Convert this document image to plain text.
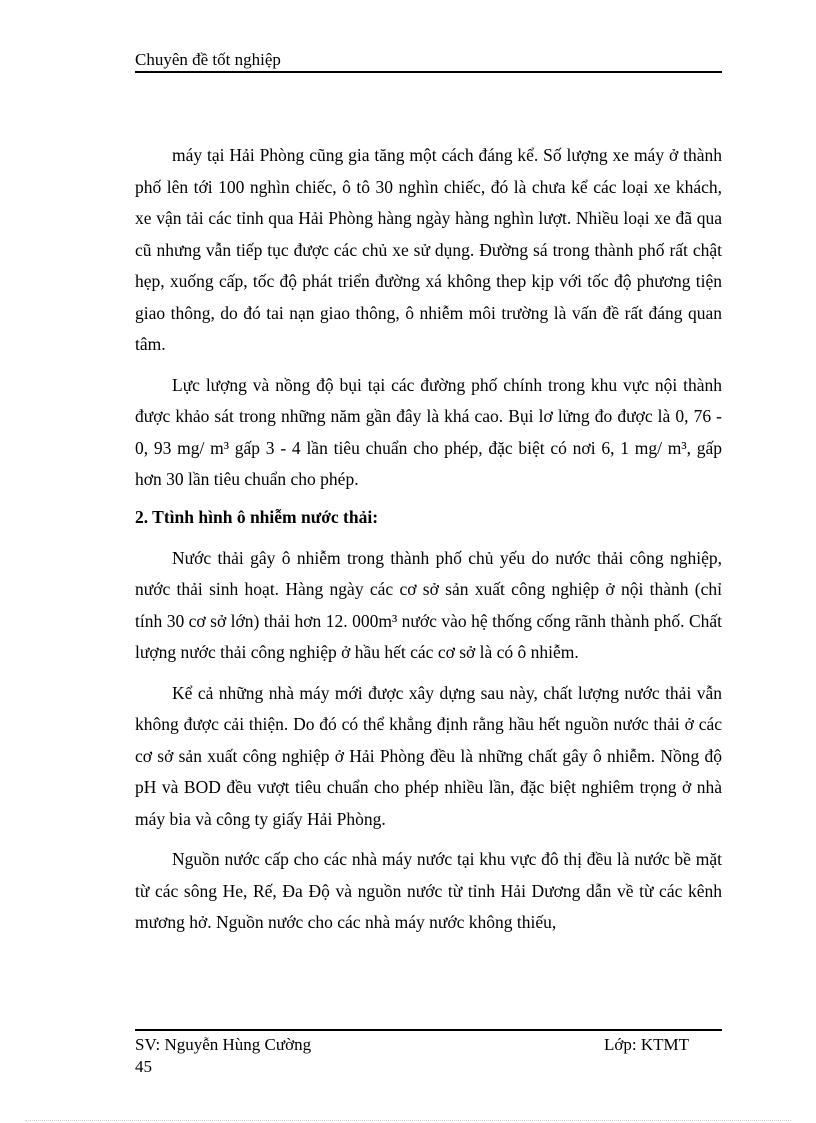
Chuyên đề tốt nghiệp

máy tại Hải Phòng cũng gia tăng một cách đáng kể. Số lượng xe máy ở thành phố lên tới 100 nghìn chiếc, ô tô 30 nghìn chiếc, đó là chưa kể các loại xe khách, xe vận tải các tỉnh qua Hải Phòng hàng ngày hàng nghìn lượt. Nhiều loại xe đã qua cũ nhưng vẫn tiếp tục được các chủ xe sử dụng. Đường sá trong thành phố rất chật hẹp, xuống cấp, tốc độ phát triển đường xá không thep kịp với tốc độ phương tiện giao thông, do đó tai nạn giao thông, ô nhiễm môi trường là vấn đề rất đáng quan tâm.

Lực lượng và nồng độ bụi tại các đường phố chính trong khu vực nội thành được khảo sát trong những năm gần đây là khá cao. Bụi lơ lửng đo được là 0, 76 - 0, 93 mg/ m³ gấp 3 - 4 lần tiêu chuẩn cho phép, đặc biệt có nơi 6, 1 mg/ m³, gấp hơn 30 lần tiêu chuẩn cho phép.

2. Ttình hình ô nhiễm nước thải:

Nước thải gây ô nhiễm trong thành phố chủ yếu do nước thải công nghiệp, nước thải sinh hoạt. Hàng ngày các cơ sở sản xuất công nghiệp ở nội thành (chỉ tính 30 cơ sở lớn) thải hơn 12. 000m³ nước vào hệ thống cống rãnh thành phố. Chất lượng nước thải công nghiệp ở hầu hết các cơ sở là có ô nhiễm.

Kể cả những nhà máy mới được xây dựng sau này, chất lượng nước thải vẫn không được cải thiện. Do đó có thể khẳng định rằng hầu hết nguồn nước thải ở các cơ sở sản xuất công nghiệp ở Hải Phòng đều là những chất gây ô nhiễm. Nồng độ pH và BOD đều vượt tiêu chuẩn cho phép nhiều lần, đặc biệt nghiêm trọng ở nhà máy bia và công ty giấy Hải Phòng.

Nguồn nước cấp cho các nhà máy nước tại khu vực đô thị đều là nước bề mặt từ các sông He, Rế, Đa Độ và nguồn nước từ tỉnh Hải Dương dẫn về từ các kênh mương hở. Nguồn nước cho các nhà máy nước không thiếu,

SV: Nguyễn Hùng Cường	Lớp: KTMT
45
